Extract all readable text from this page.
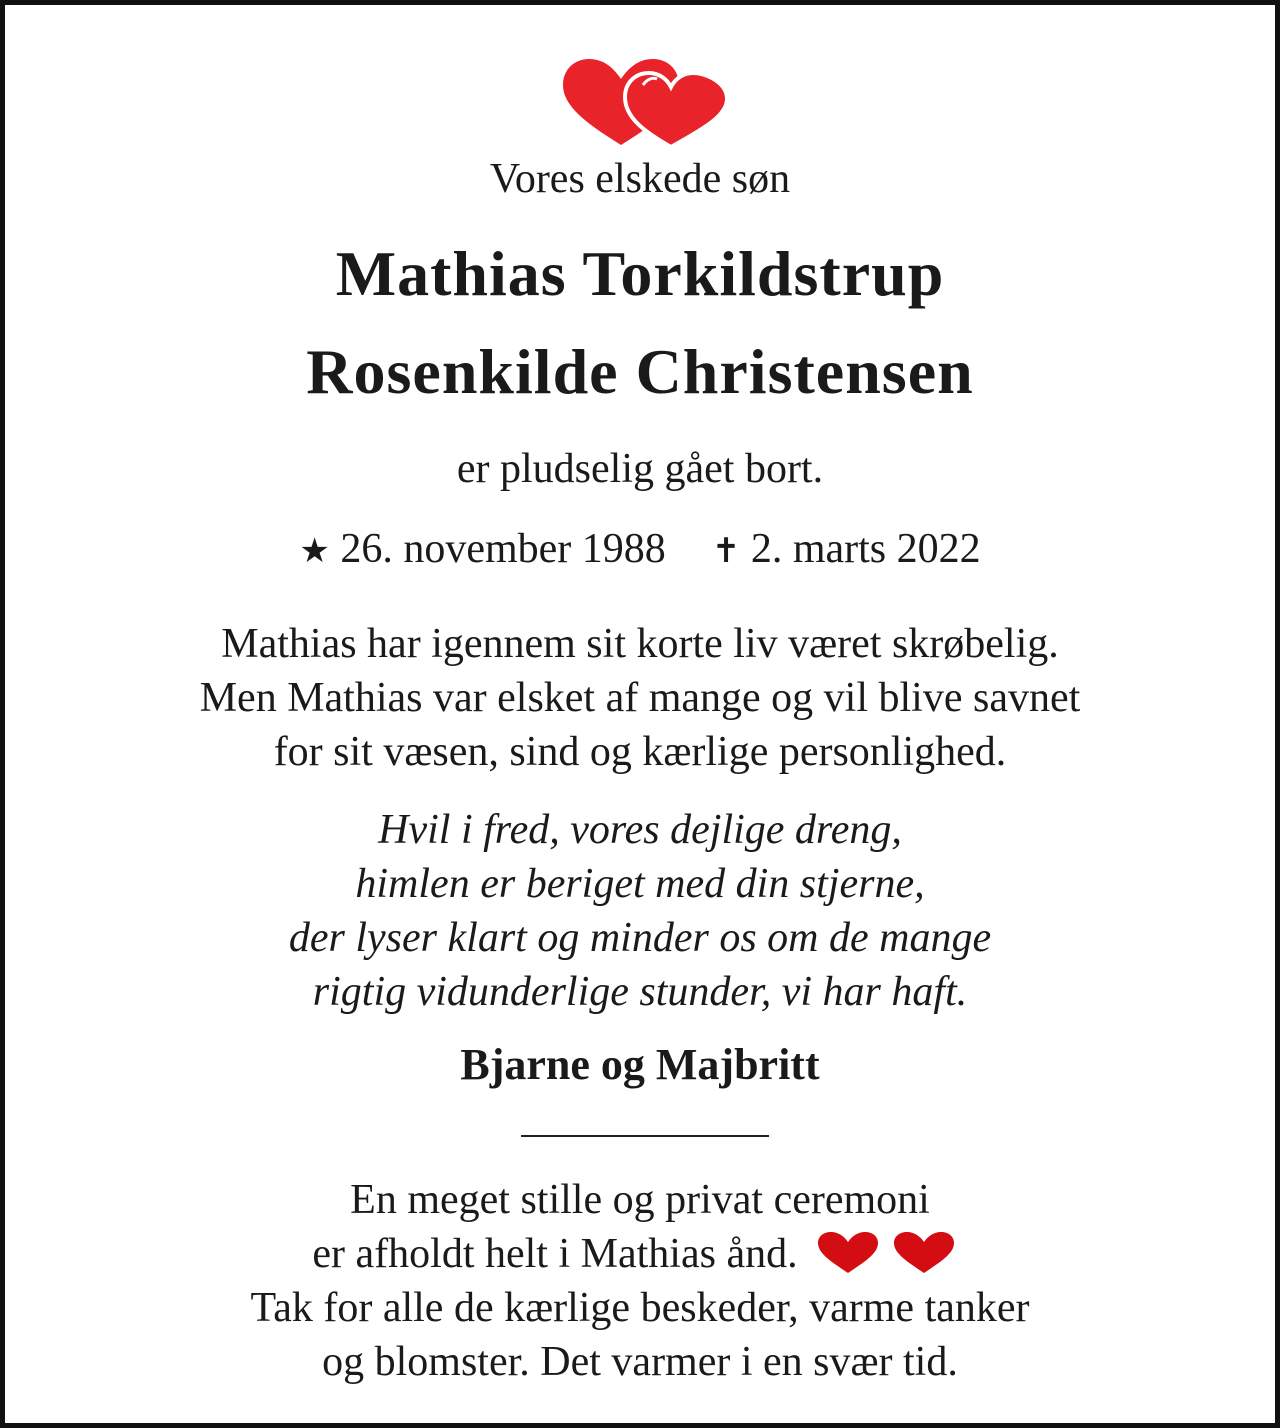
Vores elskede søn
Mathias Torkildstrup
Rosenkilde Christensen
er pludselig gået bort.
★ 26. november 1988 ✝ 2. marts 2022
Mathias har igennem sit korte liv været skrøbelig.
Men Mathias var elsket af mange og vil blive savnet
for sit væsen, sind og kærlige personlighed.
Hvil i fred, vores dejlige dreng,
himlen er beriget med din stjerne,
der lyser klart og minder os om de mange
rigtig vidunderlige stunder, vi har haft.
Bjarne og Majbritt
En meget stille og privat ceremoni
er afholdt helt i Mathias ånd.
Tak for alle de kærlige beskeder, varme tanker
og blomster. Det varmer i en svær tid.
